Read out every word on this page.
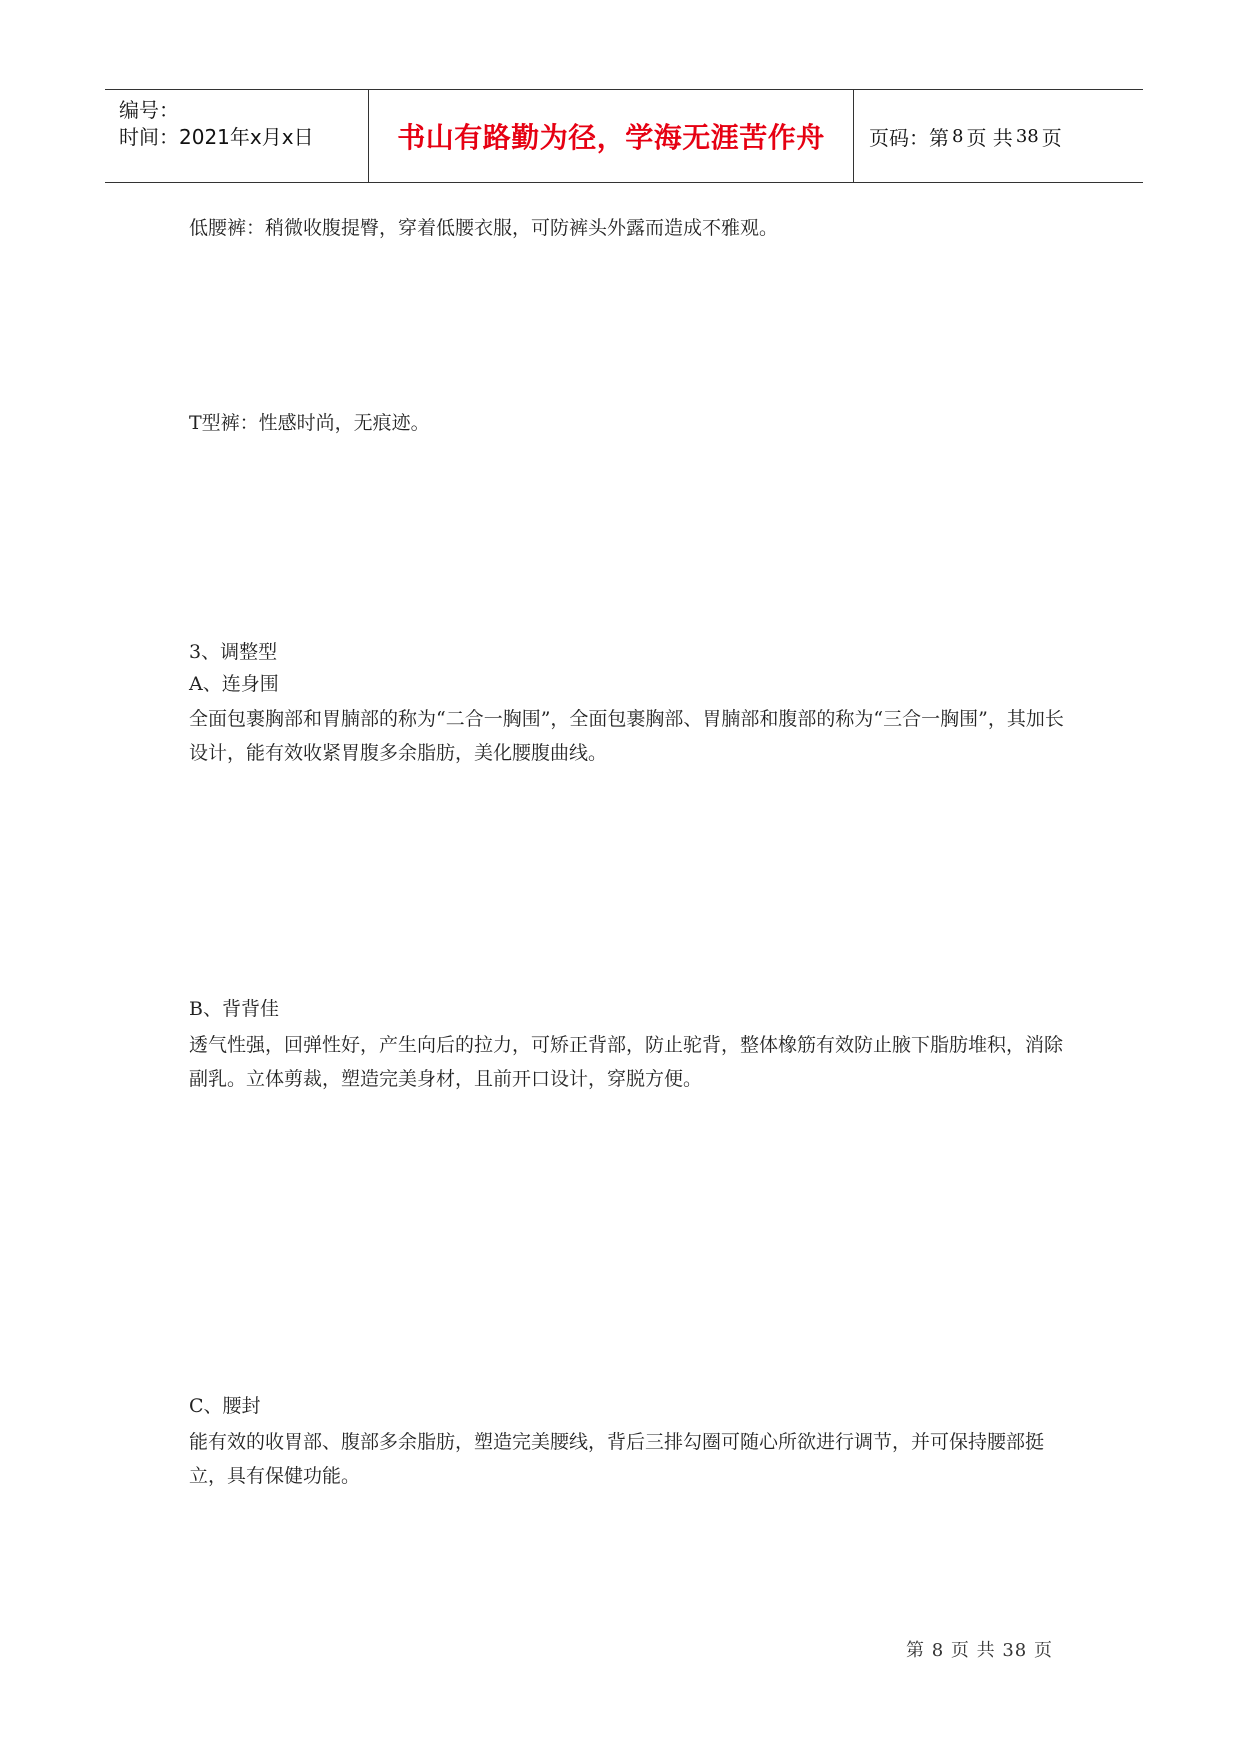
编号：
时间：2021年x月x日	书山有路勤为径，学海无涯苦作舟	页码：第 8 页 共 38 页
低腰裤：稍微收腹提臀，穿着低腰衣服，可防裤头外露而造成不雅观。
T型裤：性感时尚，无痕迹。
3、调整型
A、连身围
全面包裹胸部和胃腩部的称为“二合一胸围”，全面包裹胸部、胃腩部和腹部的称为“三合一胸围”，其加长设计，能有效收紧胃腹多余脂肪，美化腰腹曲线。
B、背背佳
透气性强，回弹性好，产生向后的拉力，可矫正背部，防止驼背，整体橡筋有效防止腋下脂肪堆积，消除副乳。立体剪裁，塑造完美身材，且前开口设计，穿脱方便。
C、腰封
能有效的收胃部、腹部多余脂肪，塑造完美腰线，背后三排勾圈可随心所欲进行调节，并可保持腰部挺立，具有保健功能。
第 8 页 共 38 页
